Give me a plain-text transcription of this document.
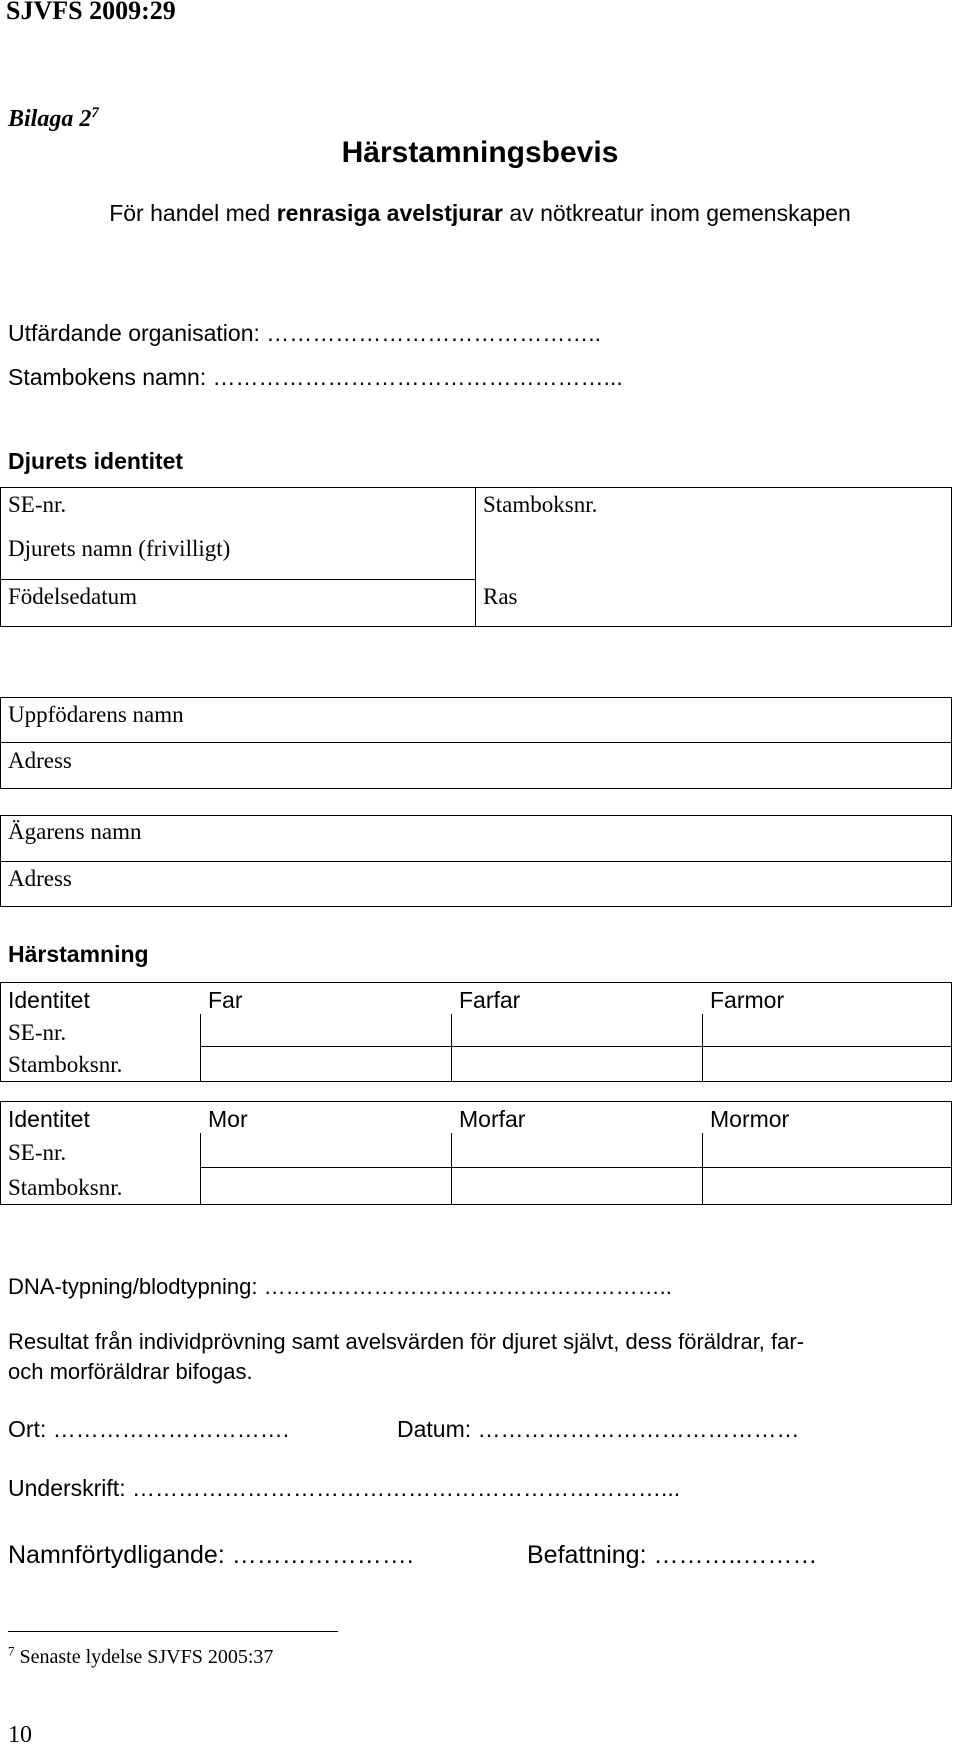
SJVFS 2009:29
Bilaga $2^7$
Härstamningsbevis
För handel med renrasiga avelstjurar av nötkreatur inom gemenskapen
Utfärdande organisation: ……………………………………..
Stambokens namn: ……………………………………………...
Djurets identitet
SE-nr.	Stamboksnr.
Djurets namn (frivilligt)
Födelsedatum	Ras
Uppfödarens namn
Adress
Ägarens namn
Adress
Härstamning
Identitet	Far	Farfar	Farmor
SE-nr.
Stamboksnr.
Identitet	Mor	Morfar	Mormor
SE-nr.
Stamboksnr.
DNA-typning/blodtypning: ………………………………………………..
Resultat från individprövning samt avelsvärden för djuret självt, dess föräldrar, far-
och morföräldrar bifogas.
Ort: ………………………….	Datum: ……………………………………
Underskrift: ……………………………………………………………...
Namnförtydligande: ………………….	Befattning: ………..………
$^7$ Senaste lydelse SJVFS 2005:37
10
